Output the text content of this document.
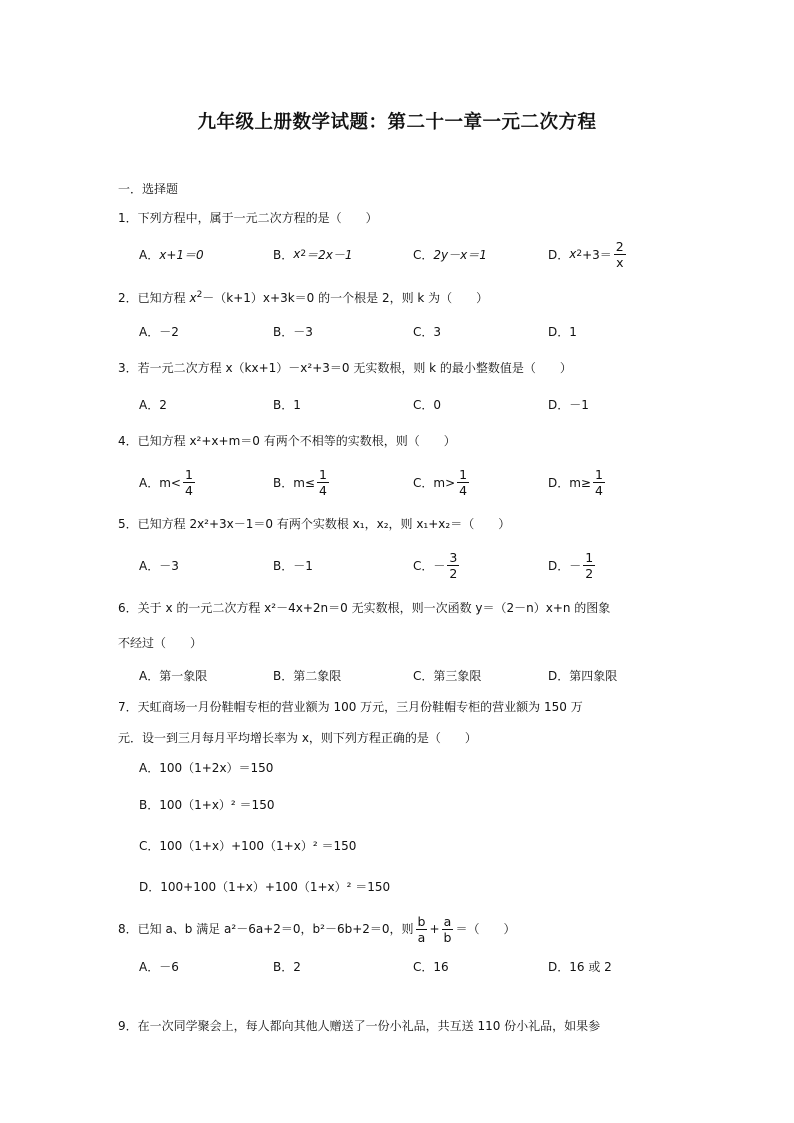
九年级上册数学试题：第二十一章一元二次方程
一．选择题
1．下列方程中，属于一元二次方程的是（　　）
A． x+1＝0	B． x 2 ＝2x－1	C． 2y－x＝1	D． x $2 +3= \frac{2}{x}$
2．已知方程 $x^2-(k+1)x+3k=0$ 的一个根是 2，则 k 为（　　）
A．－2	B．－3	C．3	D．1
3．若一元二次方程 x（kx+1）－x²+3＝0 无实数根，则 k 的最小整数值是（　　）
A．2	B．1	C．0	D．－1
4．已知方程 x²+x+m＝0 有两个不相等的实数根，则（　　）
A．$m< \frac{1}{4}$	B．$m\le \frac{1}{4}$	C．$m> \frac{1}{4}$	D．$m\ge \frac{1}{4}$
5．已知方程 2x²+3x－1＝0 有两个实数根 x₁，x₂，则 x₁+x₂＝（　　）
A．－3	B．－1	C．－ $\frac{3}{2}$	D．－ $\frac{1}{2}$
6．关于 x 的一元二次方程 x²－4x+2n＝0 无实数根，则一次函数 y＝（2－n）x+n 的图象
不经过（　　）
A．第一象限	B．第二象限	C．第三象限	D．第四象限
7．天虹商场一月份鞋帽专柜的营业额为 100 万元，三月份鞋帽专柜的营业额为 150 万
元．设一到三月每月平均增长率为 x，则下列方程正确的是（　　）
A．100（1+2x）＝150
B．100（1+x）² ＝150
C．100（1+x）+100（1+x）² ＝150
D．100+100（1+x）+100（1+x）² ＝150
8．已知 a、b 满足 a²－6a+2＝0，b²－6b+2＝0，则 $\frac{b}{a} + \frac{a}{b}$ ＝（　　）
A．－6	B．2	C．16	D．16 或 2
9．在一次同学聚会上，每人都向其他人赠送了一份小礼品，共互送 110 份小礼品，如果参
